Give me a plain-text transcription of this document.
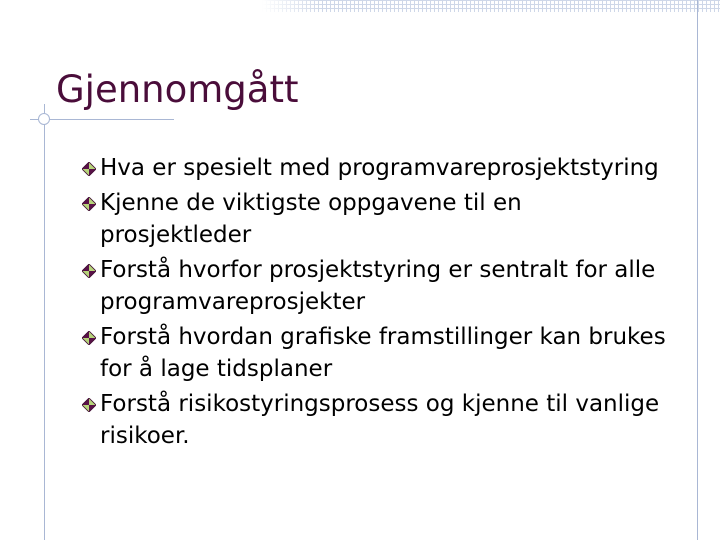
Gjennomgått
Hva er spesielt med programvareprosjektstyring
Kjenne de viktigste oppgavene til en prosjektleder
Forstå hvorfor prosjektstyring er sentralt for alle programvareprosjekter
Forstå hvordan grafiske framstillinger kan brukes for å lage tidsplaner
Forstå risikostyringsprosess og kjenne til vanlige risikoer.
